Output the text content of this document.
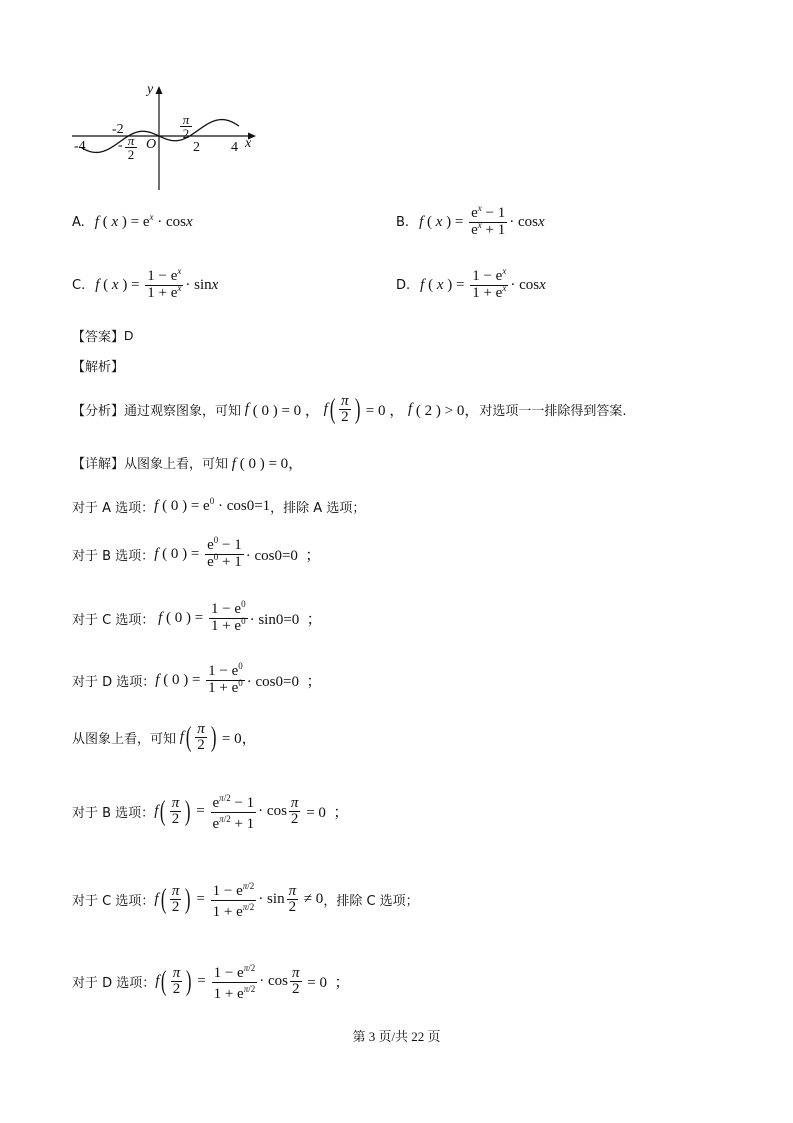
y
x
O
-4
-2
2 4
- $\frac{\pi}{2}$
$\frac{\pi}{2}$
A. f ( x ) = $e^x \cdot \cos x$	B. f ( x ) = $\frac{e^x - 1}{e^x + 1} \cdot \cos x$
C. f ( x ) = $\frac{1 - e^x}{1 + e^x} \cdot \sin x$	D. f ( x ) = $\frac{1 - e^x}{1 + e^x} \cdot \cos x$
【答案】 D
【解析】
【分析】 通过观察图象，可知
f ( 0 ) = 0 ， f ( $\frac{\pi}{2}$ ) = 0 ， f ( 2 ) > 0， 对选项一一排除得到答案.
【详解】 从图象上看，可知 f ( 0 ) = 0，
对于 A 选项： f ( 0 ) = $e^0 \cdot \cos 0=1$ ，排除 A 选项；
对于 B 选项： f ( 0 ) = $\frac{e^0 - 1}{e^0 + 1} \cdot \cos 0=0$  ；
对于 C 选项：
f ( 0 ) = $\frac{1 - e^0}{1 + e^0} \cdot \sin 0=0$  ；
对于 D 选项： f ( 0 ) = $\frac{1 - e^0}{1 + e^0} \cdot \cos 0=0$  ；
从图象上看，可知
f ( $\frac{\pi}{2}$ ) = 0，
对于 B 选项： f ( $\frac{\pi}{2}$ ) = $\frac{e^{\pi/2} - 1}{e^{\pi/2} + 1} \cdot \cos \frac{\pi}{2} = 0$  ；
对于 C 选项： f ( $\frac{\pi}{2}$ ) = $\frac{1 - e^{\pi/2}}{1 + e^{\pi/2}} \cdot \sin \frac{\pi}{2} \ne 0$ ，排除 C 选项；
对于 D 选项： f ( $\frac{\pi}{2}$ ) = $\frac{1 - e^{\pi/2}}{1 + e^{\pi/2}} \cdot \cos \frac{\pi}{2} = 0$  ；
第 3 页/共 22 页
